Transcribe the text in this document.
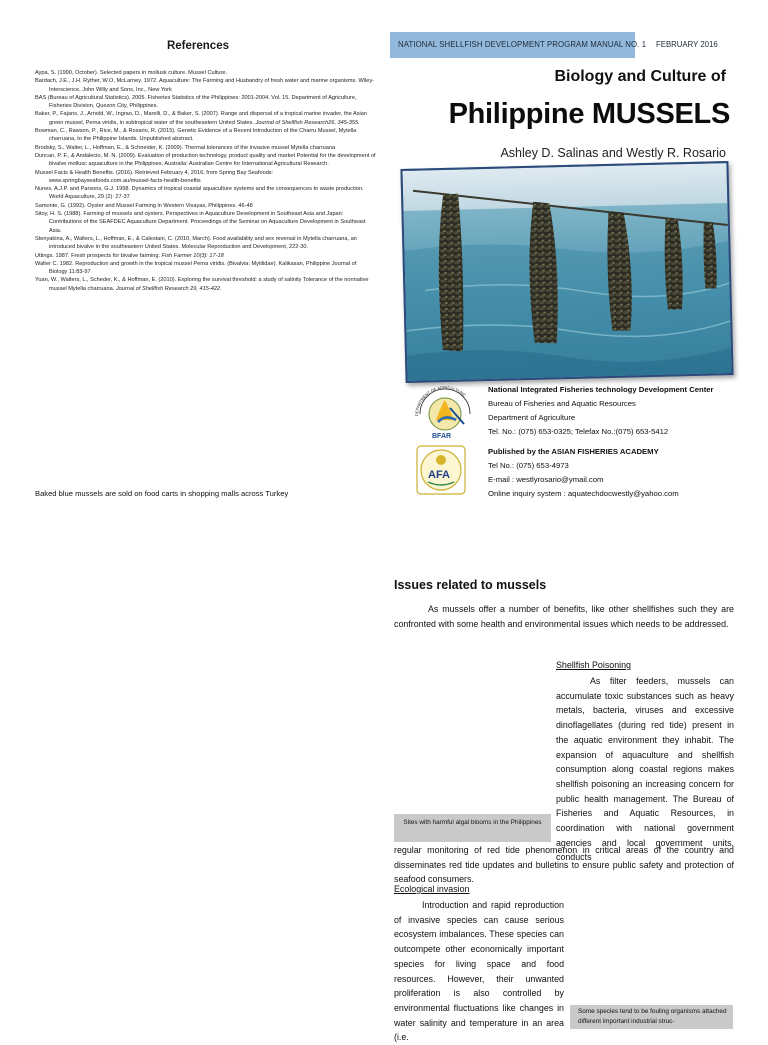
References
Aypa, S. (1990, October). Selected papers in mollusk culture. Mussel Culture.
Bardach, J.E., J.H. Ryther, W.O, McLarney. 1972. Aquaculture: The Farming and Husbandry of fresh water and marine organisms. Wiley-Interscience, John Willy and Sons, Inc., New York
BAS (Bureau of Agricultural Statistics). 2005. Fisheries Statistics of the Philippines: 2001-2004. Vol. 15. Department of Agriculture, Fisheries Division, Quezon City, Philippines.
Baker, P., Fajans, J., Arnold, W., Ingrao, D., Marelli, D., & Baker, S. (2007). Range and dispersal of a tropical marine invader, the Asian green mussel, Perna viridis, in subtropical water of the southeastern United States. Journal of Shellfish Research26, 345-355.
Bowman, C., Rawson, P., Rice, M., & Rosario, R. (2015). Genetic Evidence of a Recent Introduction of the Charru Mussel, Mytella charruana, to the Philippine Islands. Unpublished abstract.
Brodsky, S., Walter, L., Hoffman, E., & Schneider, K. (2009). Thermal tolerances of the invasive mussel Mytella charruana
Duncan, P. F., & Andalecio, M. N. (2009). Evaluation of production technology, product quality and market Potential for the development of bivalve mollusc aquaculture in the Philippines. Australia: Australian Centre for International Agricultural Research.
Mussel Facts & Health Benefits. (2016). Retrieved February 4, 2016, from Spring Bay Seafoods: www.springbayseafoods.com.au/mussel-facts-health-benefits
Nunes, A.J.P. and Parsons, G.J. 1998. Dynamics of tropical coastal aquaculture systems and the consequences to waste production. World Aquaculture, 29 (2): 27-37
Samonte, G. (1992). Oyster and Mussel Farming in Western Visayas, Philippines. 46-48
Sitoy, H. S. (1988). Farming of mussels and oysters. Perspectives in Aquaculture Development in Southeast Asia and Japan: Contributions of the SEAFDEC Aquaculture Department. Proceedings of the Seminar on Aquaculture Development in Southeast Asia.
Stenyakina, A., Walters, L., Hoffman, E., & Calestani, C. (2010, March). Food availability and sex reversal in Mytella charruana, an introduced bivalve in the southeastern United States. Molecular Reproduction and Development, 222-30.
Uttings. 1987. Fresh prospects for bivalve farming. Fish Farmer 10(3): 17-18
Walter C. 1982. Reproduction and growth in the tropical mussel Perna viridis. (Bivalvia: Mytilidae). Kalikasan, Philippine Journal of Biology 11:83-97
Yuan, W., Walters, L., Scheder, K., & Hoffman, E. (2010). Exploring the survival threshold: a study of salinity Tolerance of the nonnative mussel Mytella charruana. Journal of Shellfish Research 29, 415-422.
Baked blue mussels are sold on food carts in shopping malls across Turkey
NATIONAL SHELLFISH DEVELOPMENT PROGRAM MANUAL NO. 1 FEBRUARY 2016
Biology and Culture of
Philippine MUSSELS
Ashley D. Salinas and Westly R. Rosario
DEPARTMENT OF AGRICULTURE
BFAR
National Integrated Fisheries technology Development Center
Bureau of Fisheries and Aquatic Resources
Department of Agriculture
Tel. No.: (075) 653-0325; Telefax No.:(075) 653-5412
AFA
Published by the ASIAN FISHERIES ACADEMY
Tel No.: (075) 653-4973
E-mail : westlyrosario@ymail.com
Online inquiry system : aquatechdocwestly@yahoo.com
Issues related to mussels
As mussels offer a number of benefits, like other shellfishes such they are confronted with some health and environmental issues which needs to be addressed.
Shellfish Poisoning
As filter feeders, mussels can accumulate toxic substances such as heavy metals, bacteria, viruses and excessive dinoflagellates (during red tide) present in the aquatic environment they inhabit. The expansion of aquaculture and shellfish consumption along coastal regions makes shellfish poisoning an increasing concern for public health management. The Bureau of Fisheries and Aquatic Resources, in coordination with national government agencies and local government units, conducts
Sites with harmful algal blooms in the Philippines
regular monitoring of red tide phenomenon in critical areas of the country and disseminates red tide updates and bulletins to ensure public safety and protection of seafood consumers.
Ecological invasion
Introduction and rapid reproduction of invasive species can cause serious ecosystem imbalances. These species can outcompete other economically important species for living space and food resources. However, their unwanted proliferation is also controlled by environmental fluctuations like changes in water salinity and temperature in an area (i.e.
Some species tend to be fouling organisms attached different important industrial struc-
